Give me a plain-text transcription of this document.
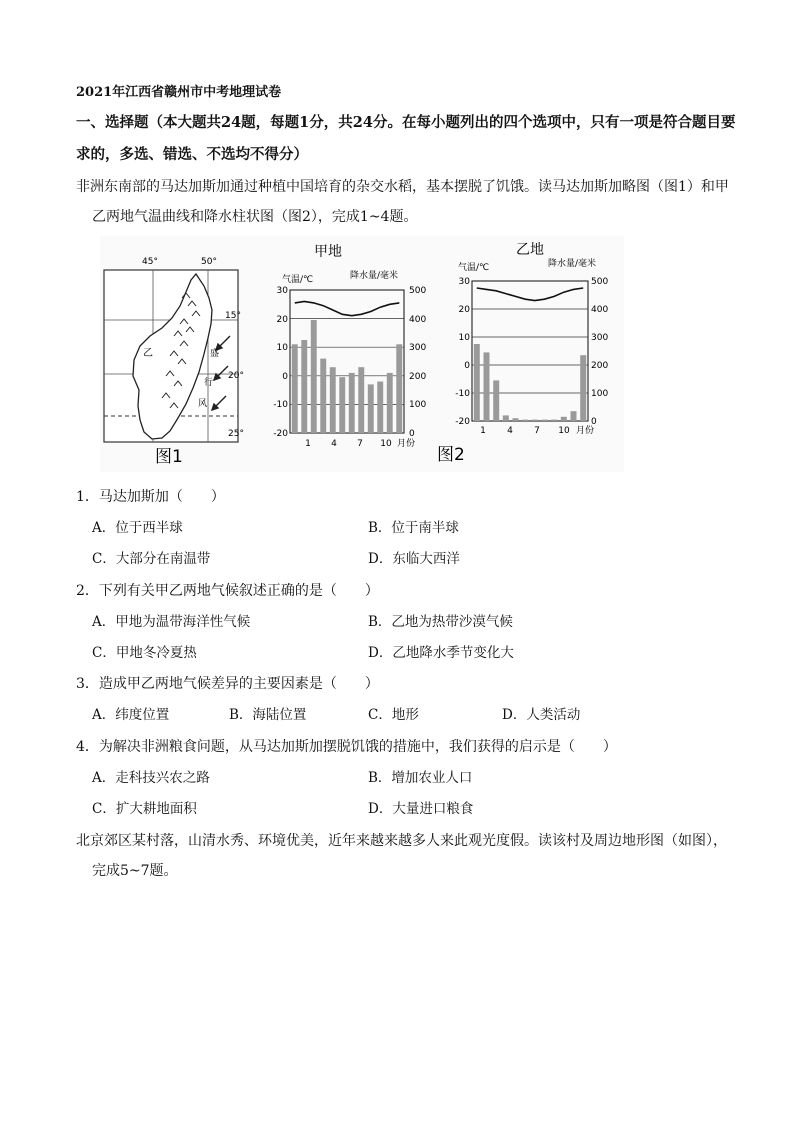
2021年江西省赣州市中考地理试卷
一、选择题（本大题共24题，每题1分，共24分。在每小题列出的四个选项中，只有一项是符合题目要
求的，多选、错选、不选均不得分）
非洲东南部的马达加斯加通过种植中国培育的杂交水稻，基本摆脱了饥饿。读马达加斯加略图（图1）和甲
乙两地气温曲线和降水柱状图（图2），完成1~4题。
45°	50°
15°
20°
25°
乙	盛
行
风
图1
甲地
气温/℃	降水量/毫米
30
20
10
0
-10
-20
500
400
300
200
100
0
1 4 7 10 月份
乙地
气温/℃	降水量/毫米
30
20
10
0
-10
-20
500
400
300
200
100
0
1 4 7 10 月份
图2
1．马达加斯加（　　）
A．位于西半球	B．位于南半球
C．大部分在南温带	D．东临大西洋
2．下列有关甲乙两地气候叙述正确的是（　　）
A．甲地为温带海洋性气候	B．乙地为热带沙漠气候
C．甲地冬冷夏热	D．乙地降水季节变化大
3．造成甲乙两地气候差异的主要因素是（　　）
A．纬度位置	B．海陆位置	C．地形	D．人类活动
4．为解决非洲粮食问题，从马达加斯加摆脱饥饿的措施中，我们获得的启示是（　　）
A．走科技兴农之路	B．增加农业人口
C．扩大耕地面积	D．大量进口粮食
北京郊区某村落，山清水秀、环境优美，近年来越来越多人来此观光度假。读该村及周边地形图（如图），
完成5~7题。
